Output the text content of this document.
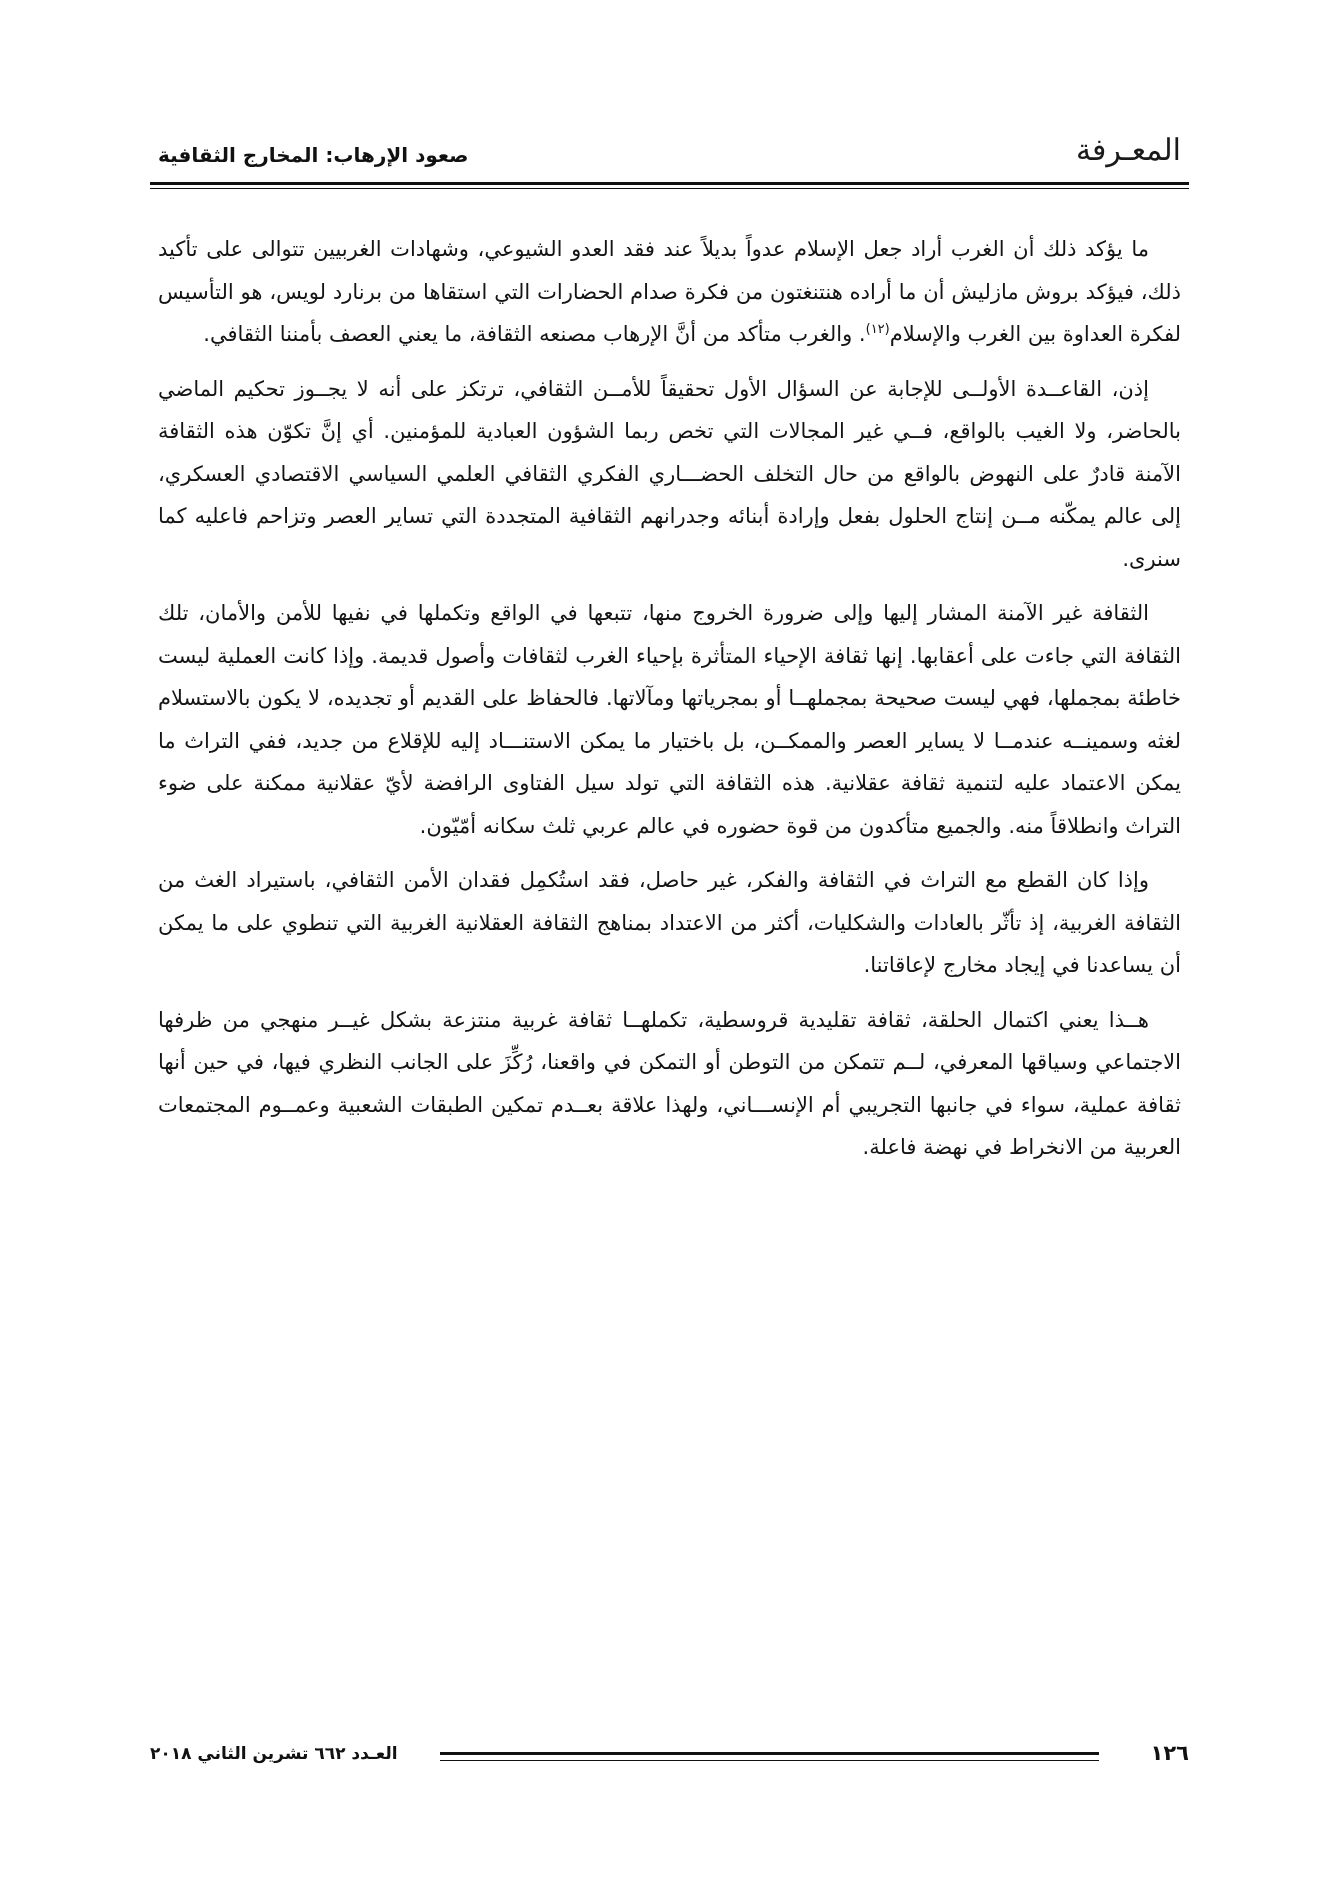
المعـرفة
صعود الإرهاب: المخارج الثقافية

ما يؤكد ذلك أن الغرب أراد جعل الإسلام عدواً بديلاً عند فقد العدو الشيوعي، وشهادات الغربيين تتوالى على تأكيد ذلك، فيؤكد بروش مازليش أن ما أراده هنتنغتون من فكرة صدام الحضارات التي استقاها من برنارد لويس، هو التأسيس لفكرة العداوة بين الغرب والإسلام$^{(١٢)}$. والغرب متأكد من أنَّ الإرهاب مصنعه الثقافة، ما يعني العصف بأمننا الثقافي.

إذن، القاعــدة الأولــى للإجابة عن السؤال الأول تحقيقاً للأمــن الثقافي، ترتكز على أنه لا يجــوز تحكيم الماضي بالحاضر، ولا الغيب بالواقع، فــي غير المجالات التي تخص ربما الشؤون العبادية للمؤمنين. أي إنَّ تكوّن هذه الثقافة الآمنة قادرٌ على النهوض بالواقع من حال التخلف الحضـــاري الفكري الثقافي العلمي السياسي الاقتصادي العسكري، إلى عالم يمكّنه مــن إنتاج الحلول بفعل وإرادة أبنائه وجدرانهم الثقافية المتجددة التي تساير العصر وتزاحم فاعليه كما سنرى.

الثقافة غير الآمنة المشار إليها وإلى ضرورة الخروج منها، تتبعها في الواقع وتكملها في نفيها للأمن والأمان، تلك الثقافة التي جاءت على أعقابها. إنها ثقافة الإحياء المتأثرة بإحياء الغرب لثقافات وأصول قديمة. وإذا كانت العملية ليست خاطئة بمجملها، فهي ليست صحيحة بمجملهــا أو بمجرياتها ومآلاتها. فالحفاظ على القديم أو تجديده، لا يكون بالاستسلام لغثه وسمينــه عندمــا لا يساير العصر والممكــن، بل باختيار ما يمكن الاستنـــاد إليه للإقلاع من جديد، ففي التراث ما يمكن الاعتماد عليه لتنمية ثقافة عقلانية. هذه الثقافة التي تولد سيل الفتاوى الرافضة لأيّ عقلانية ممكنة على ضوء التراث وانطلاقاً منه. والجميع متأكدون من قوة حضوره في عالم عربي ثلث سكانه أمّيّون.

وإذا كان القطع مع التراث في الثقافة والفكر، غير حاصل، فقد استُكمِل فقدان الأمن الثقافي، باستيراد الغث من الثقافة الغربية، إذ تأثّر بالعادات والشكليات، أكثر من الاعتداد بمناهج الثقافة العقلانية الغربية التي تنطوي على ما يمكن أن يساعدنا في إيجاد مخارج لإعاقاتنا.

هــذا يعني اكتمال الحلقة، ثقافة تقليدية قروسطية، تكملهــا ثقافة غربية منتزعة بشكل غيــر منهجي من ظرفها الاجتماعي وسياقها المعرفي، لــم تتمكن من التوطن أو التمكن في واقعنا، رُكِّزَ على الجانب النظري فيها، في حين أنها ثقافة عملية، سواء في جانبها التجريبي أم الإنســـاني، ولهذا علاقة بعــدم تمكين الطبقات الشعبية وعمــوم المجتمعات العربية من الانخراط في نهضة فاعلة.

١٢٦
العـدد ٦٦٢ تشرين الثاني ٢٠١٨
